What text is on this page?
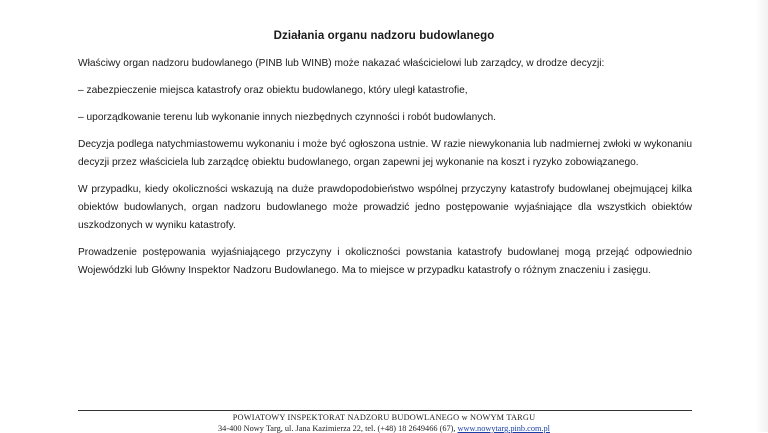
Działania organu nadzoru budowlanego

Właściwy organ nadzoru budowlanego (PINB lub WINB) może nakazać właścicielowi lub zarządcy, w drodze decyzji:

– zabezpieczenie miejsca katastrofy oraz obiektu budowlanego, który uległ katastrofie,

– uporządkowanie terenu lub wykonanie innych niezbędnych czynności i robót budowlanych.

Decyzja podlega natychmiastowemu wykonaniu i może być ogłoszona ustnie. W razie niewykonania lub nadmiernej zwłoki w wykonaniu decyzji przez właściciela lub zarządcę obiektu budowlanego, organ zapewni jej wykonanie na koszt i ryzyko zobowiązanego.

W przypadku, kiedy okoliczności wskazują na duże prawdopodobieństwo wspólnej przyczyny katastrofy budowlanej obejmującej kilka obiektów budowlanych, organ nadzoru budowlanego może prowadzić jedno postępowanie wyjaśniające dla wszystkich obiektów uszkodzonych w wyniku katastrofy.

Prowadzenie postępowania wyjaśniającego przyczyny i okoliczności powstania katastrofy budowlanej mogą przejąć odpowiednio Wojewódzki lub Główny Inspektor Nadzoru Budowlanego. Ma to miejsce w przypadku katastrofy o różnym znaczeniu i zasięgu.

POWIATOWY INSPEKTORAT NADZORU BUDOWLANEGO w NOWYM TARGU
34-400 Nowy Targ, ul. Jana Kazimierza 22, tel. (+48) 18 2649466 (67), www.nowytarg.pinb.com.pl
